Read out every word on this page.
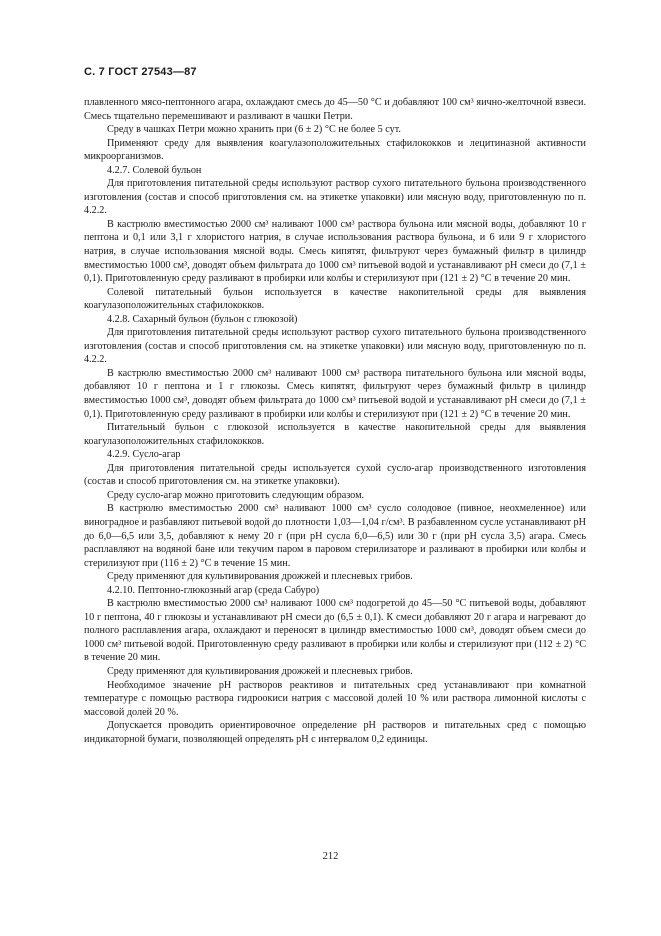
С. 7 ГОСТ 27543—87

плавленного мясо-пептонного агара, охлаждают смесь до 45—50 °С и добавляют 100 см³ яично-желточной взвеси. Смесь тщательно перемешивают и разливают в чашки Петри.

Среду в чашках Петри можно хранить при (6 ± 2) °С не более 5 сут.

Применяют среду для выявления коагулазоположительных стафилококков и лецитиназной активности микроорганизмов.

4.2.7. Солевой бульон

Для приготовления питательной среды используют раствор сухого питательного бульона производственного изготовления (состав и способ приготовления см. на этикетке упаковки) или мясную воду, приготовленную по п. 4.2.2.

В кастрюлю вместимостью 2000 см³ наливают 1000 см³ раствора бульона или мясной воды, добавляют 10 г пептона и 0,1 или 3,1 г хлористого натрия, в случае использования раствора бульона, и 6 или 9 г хлористого натрия, в случае использования мясной воды. Смесь кипятят, фильтруют через бумажный фильтр в цилиндр вместимостью 1000 см³, доводят объем фильтрата до 1000 см³ питьевой водой и устанавливают pH смеси до (7,1 ± 0,1). Приготовленную среду разливают в пробирки или колбы и стерилизуют при (121 ± 2) °С в течение 20 мин.

Солевой питательный бульон используется в качестве накопительной среды для выявления коагулазоположительных стафилококков.

4.2.8. Сахарный бульон (бульон с глюкозой)

Для приготовления питательной среды используют раствор сухого питательного бульона производственного изготовления (состав и способ приготовления см. на этикетке упаковки) или мясную воду, приготовленную по п. 4.2.2.

В кастрюлю вместимостью 2000 см³ наливают 1000 см³ раствора питательного бульона или мясной воды, добавляют 10 г пептона и 1 г глюкозы. Смесь кипятят, фильтруют через бумажный фильтр в цилиндр вместимостью 1000 см³, доводят объем фильтрата до 1000 см³ питьевой водой и устанавливают pH смеси до (7,1 ± 0,1). Приготовленную среду разливают в пробирки или колбы и стерилизуют при (121 ± 2) °С в течение 20 мин.

Питательный бульон с глюкозой используется в качестве накопительной среды для выявления коагулазоположительных стафилококков.

4.2.9. Сусло-агар

Для приготовления питательной среды используется сухой сусло-агар производственного изготовления (состав и способ приготовления см. на этикетке упаковки).

Среду сусло-агар можно приготовить следующим образом.

В кастрюлю вместимостью 2000 см³ наливают 1000 см³ сусло солодовое (пивное, неохмеленное) или виноградное и разбавляют питьевой водой до плотности 1,03—1,04 г/см³. В разбавленном сусле устанавливают pH до 6,0—6,5 или 3,5, добавляют к нему 20 г (при pH сусла 6,0—6,5) или 30 г (при pH сусла 3,5) агара. Смесь расплавляют на водяной бане или текучим паром в паровом стерилизаторе и разливают в пробирки или колбы и стерилизуют при (116 ± 2) °С в течение 15 мин.

Среду применяют для культивирования дрожжей и плесневых грибов.

4.2.10. Пептонно-глюкозный агар (среда Сабуро)

В кастрюлю вместимостью 2000 см³ наливают 1000 см³ подогретой до 45—50 °С питьевой воды, добавляют 10 г пептона, 40 г глюкозы и устанавливают pH смеси до (6,5 ± 0,1). К смеси добавляют 20 г агара и нагревают до полного расплавления агара, охлаждают и переносят в цилиндр вместимостью 1000 см³, доводят объем смеси до 1000 см³ питьевой водой. Приготовленную среду разливают в пробирки или колбы и стерилизуют при (112 ± 2) °С в течение 20 мин.

Среду применяют для культивирования дрожжей и плесневых грибов.

Необходимое значение pH растворов реактивов и питательных сред устанавливают при комнатной температуре с помощью раствора гидроокиси натрия с массовой долей 10 % или раствора лимонной кислоты с массовой долей 20 %.

Допускается проводить ориентировочное определение pH растворов и питательных сред с помощью индикаторной бумаги, позволяющей определять pH с интервалом 0,2 единицы.

212
